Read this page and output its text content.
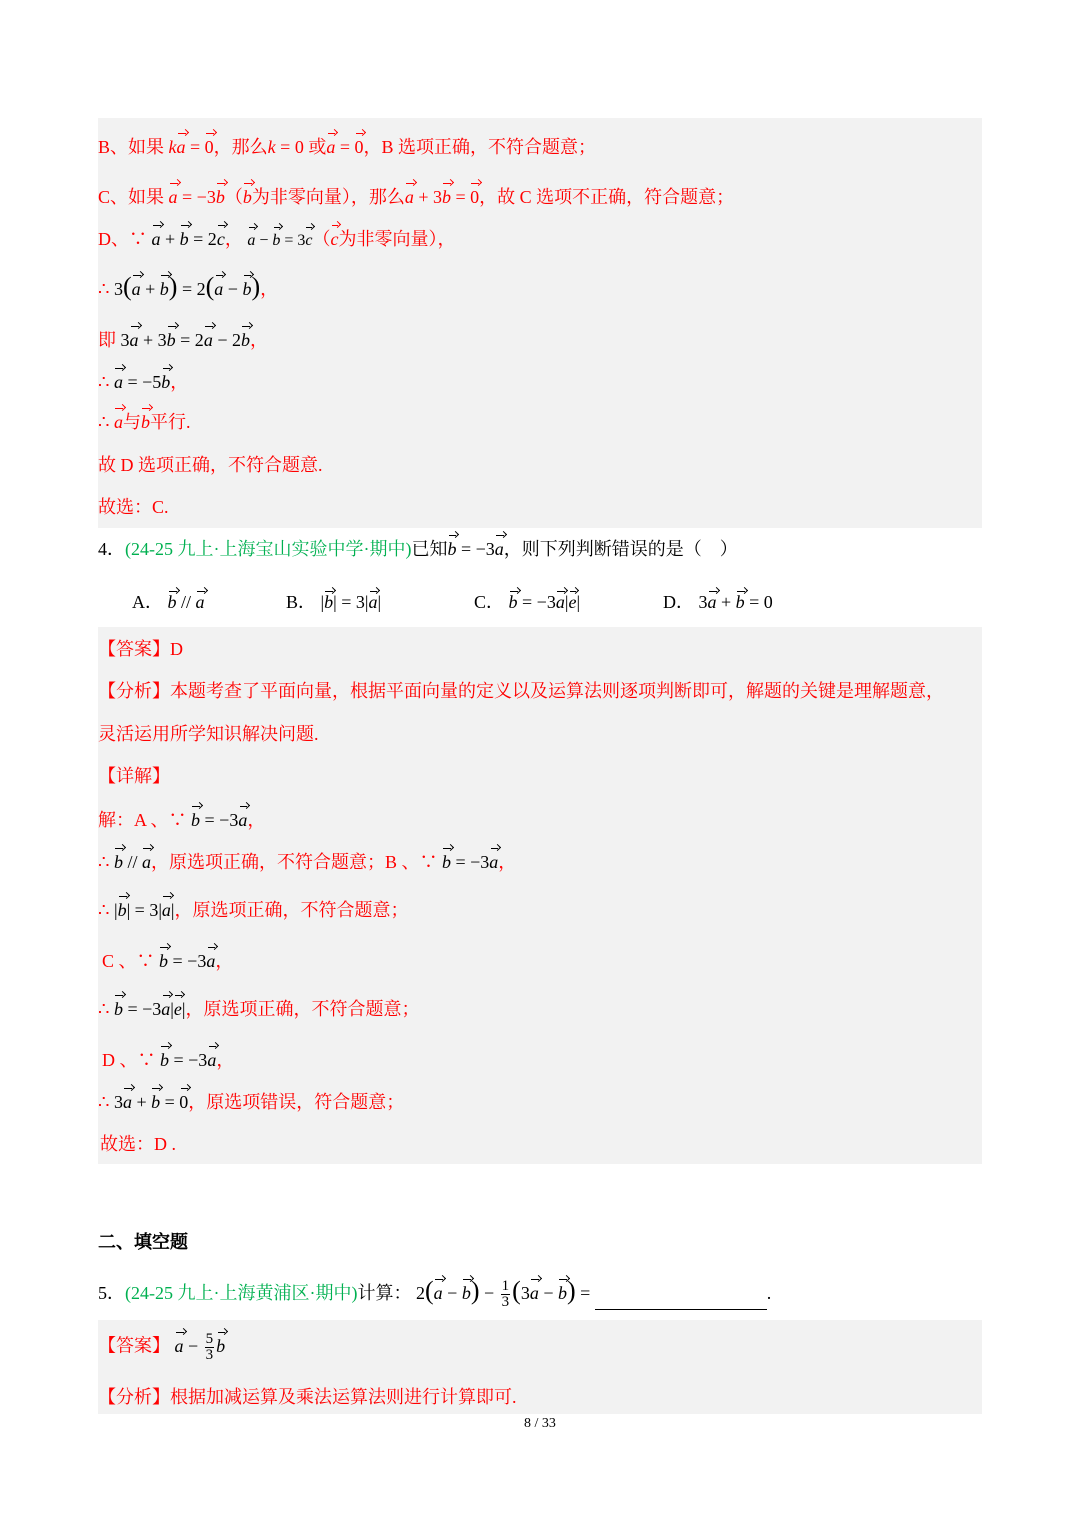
B、如果 ka = 0，那么k = 0 或a = 0，B 选项正确，不符合题意；
C、如果 a = −3b（b为非零向量），那么a + 3b = 0，故 C 选项不正确，符合题意；
D、∵ a + b = 2c， a − b = 3c（c为非零向量），
∴ 3(a + b) = 2(a − b)，
即 3a + 3b = 2a − 2b，
∴ a = −5b，
∴ a与b平行.
故 D 选项正确，不符合题意.
故选：C.
4．(24-25 九上·上海宝山实验中学·期中)已知b = −3a，则下列判断错误的是（　）
A． b // a	B． |b| = 3|a|	C． b = −3a|e|	D． 3a + b = 0
【答案】D
【分析】本题考查了平面向量，根据平面向量的定义以及运算法则逐项判断即可，解题的关键是理解题意，
灵活运用所学知识解决问题.
【详解】
解：A 、∵ b = −3a，
∴ b // a，原选项正确，不符合题意；B 、∵ b = −3a，
∴ |b| = 3|a|，原选项正确，不符合题意；
C 、∵ b = −3a，
∴ b = −3a|e|，原选项正确，不符合题意；
D 、∵ b = −3a，
∴ 3a + b = 0，原选项错误，符合题意；
故选：D .
二、填空题
5．(24-25 九上·上海黄浦区·期中)计算： $2(a - b) - \frac{1}{3} (3a - b)$ =	.
【答案】 $a - \frac{5}{3}$ b
【分析】根据加减运算及乘法运算法则进行计算即可.
8 / 33
